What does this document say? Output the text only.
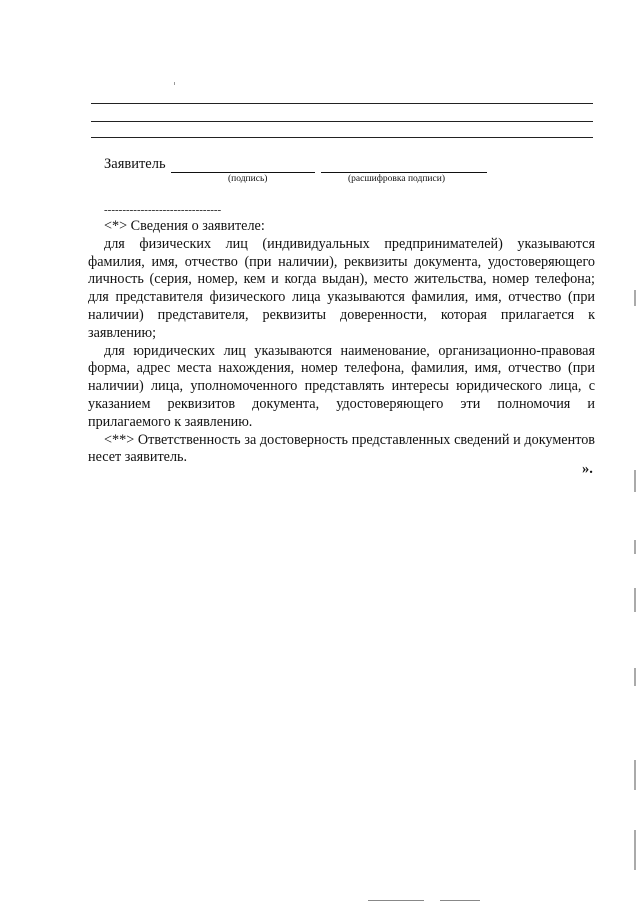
Заявитель
(подпись)	(расшифровка подписи)
--------------------------------

<*> Сведения о заявителе:

для физических лиц (индивидуальных предпринимателей) указываются фамилия, имя, отчество (при наличии), реквизиты документа, удостоверяющего личность (серия, номер, кем и когда выдан), место жительства, номер телефона; для представителя физического лица указываются фамилия, имя, отчество (при наличии) представителя, реквизиты доверенности, которая прилагается к заявлению;

для юридических лиц указываются наименование, организационно-правовая форма, адрес места нахождения, номер телефона, фамилия, имя, отчество (при наличии) лица, уполномоченного представлять интересы юридического лица, с указанием реквизитов документа, удостоверяющего эти полномочия и прилагаемого к заявлению.

<**> Ответственность за достоверность представленных сведений и документов несет заявитель.

».
